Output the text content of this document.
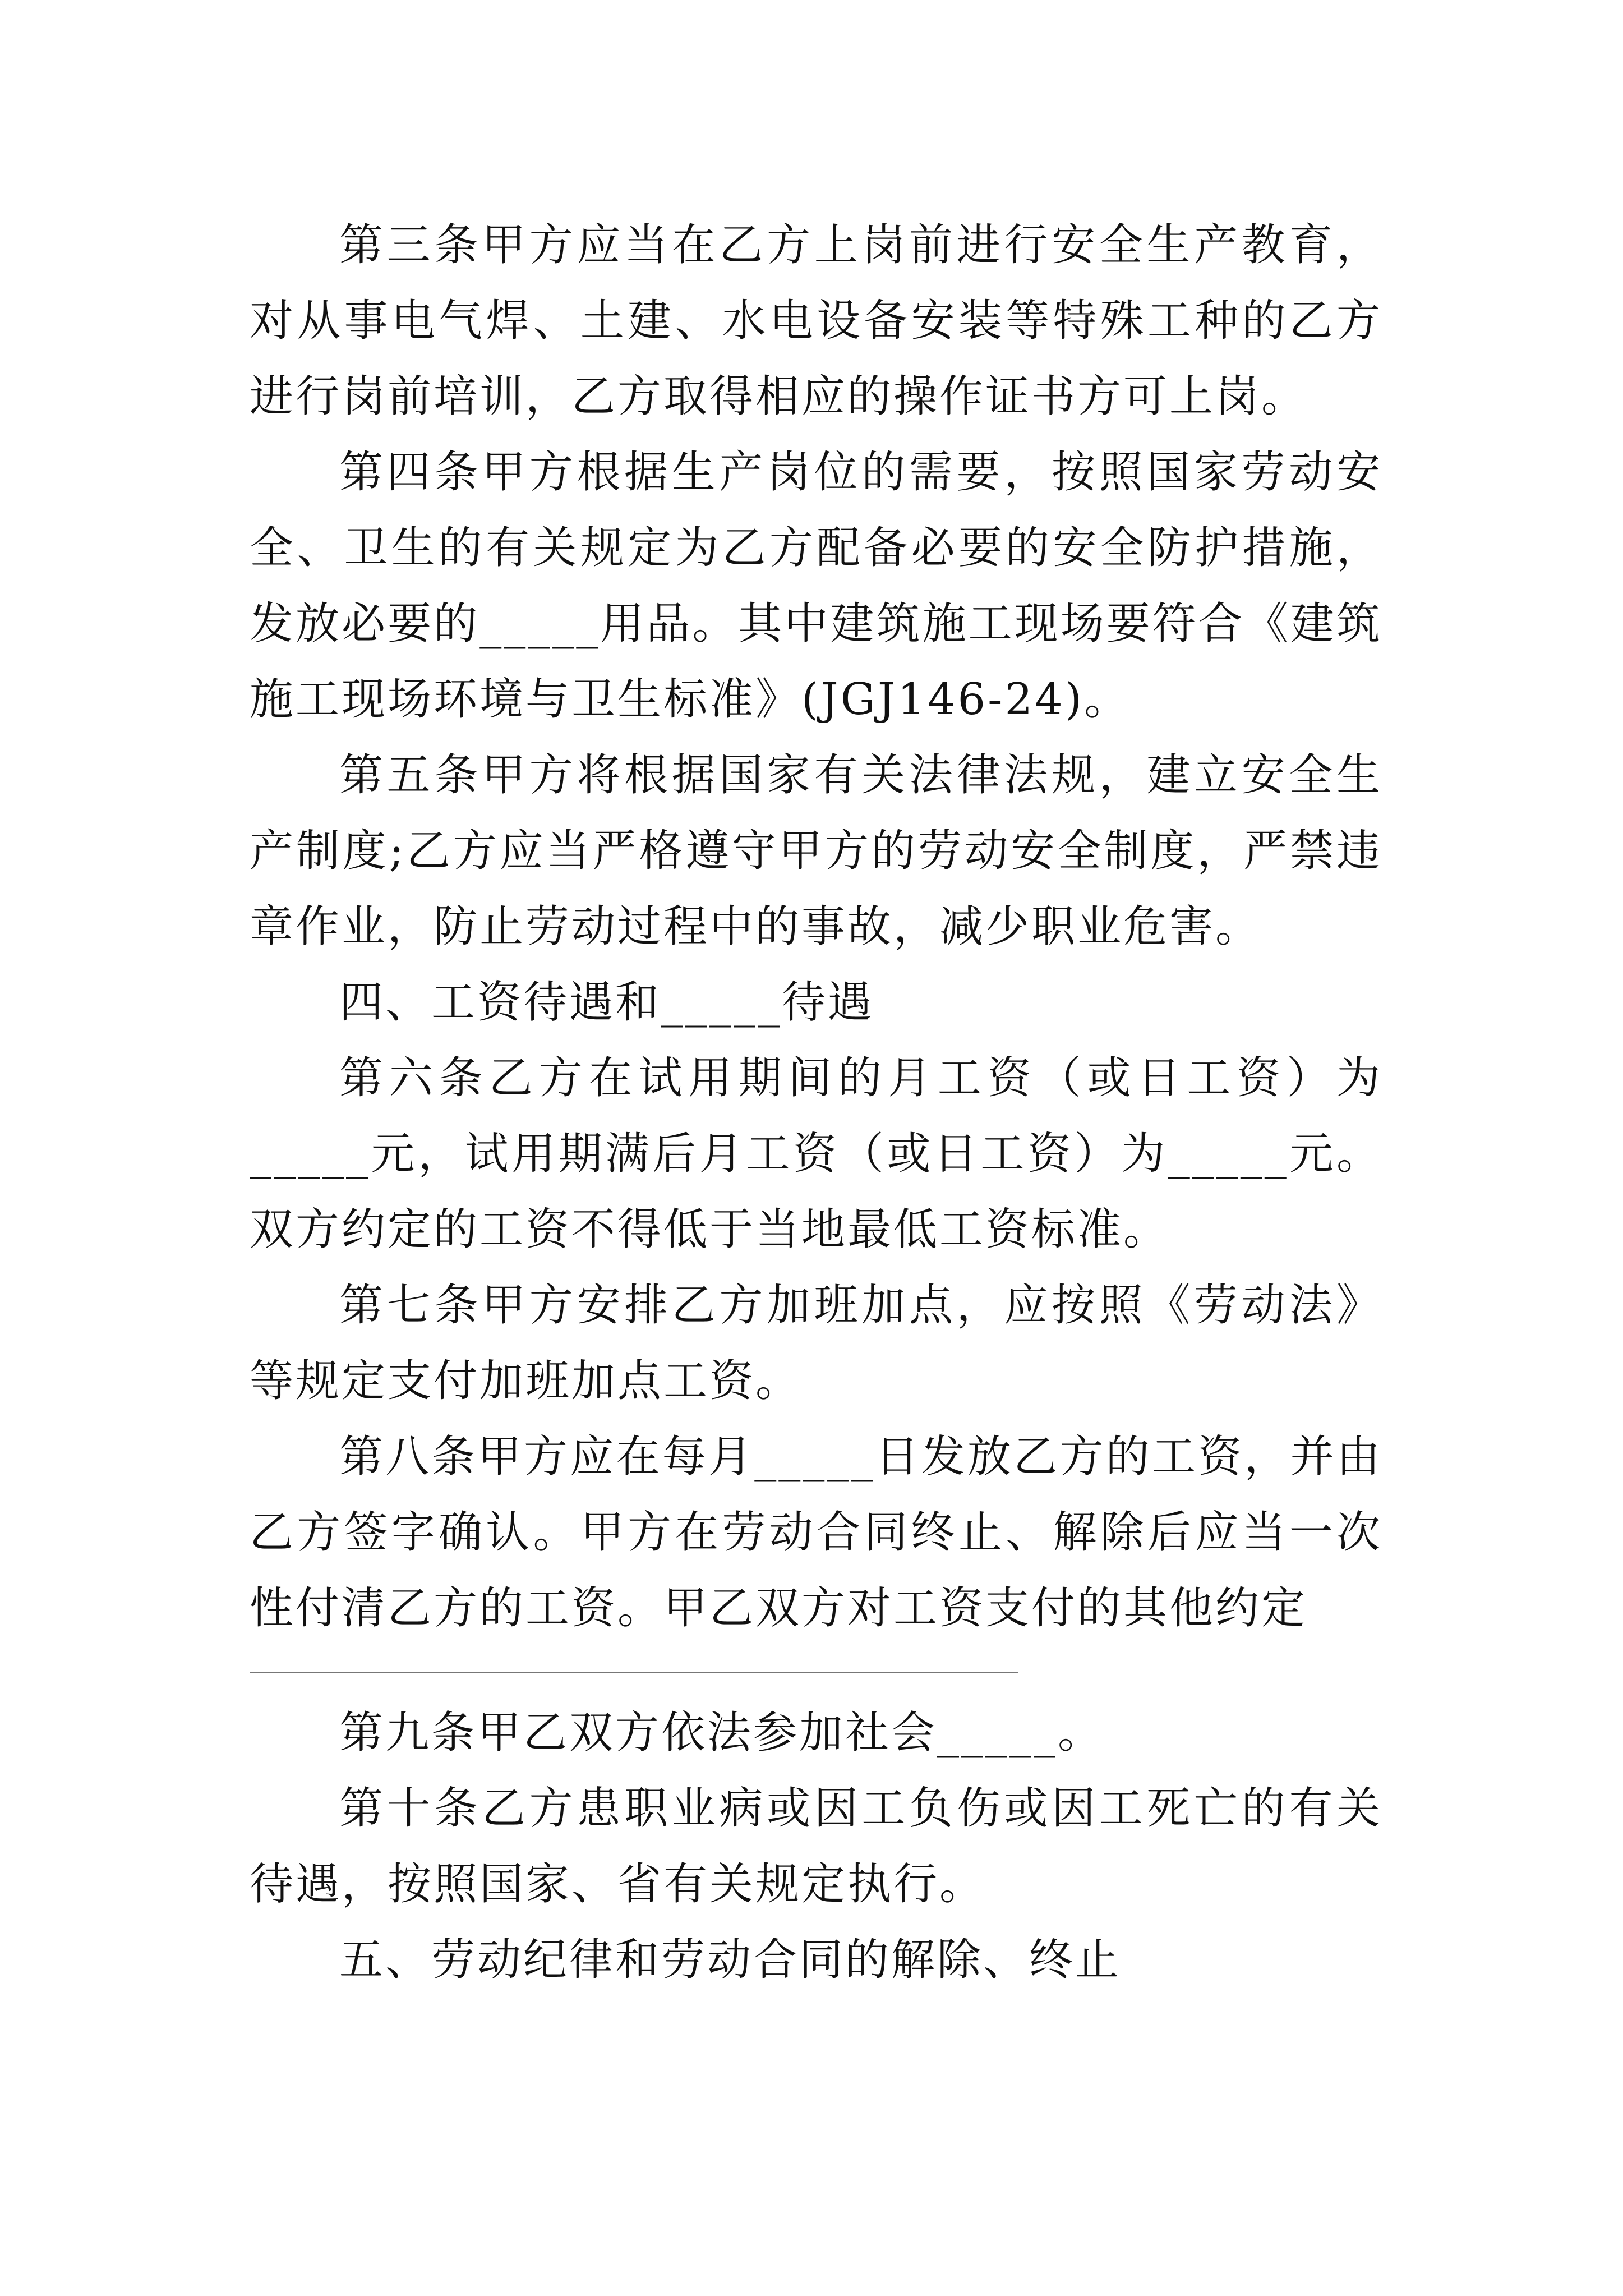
第三条甲方应当在乙方上岗前进行安全生产教育，对从事电气焊、土建、水电设备安装等特殊工种的乙方进行岗前培训，乙方取得相应的操作证书方可上岗。

第四条甲方根据生产岗位的需要，按照国家劳动安全、卫生的有关规定为乙方配备必要的安全防护措施，发放必要的_____用品。其中建筑施工现场要符合《建筑施工现场环境与卫生标准》(JGJ146-24)。

第五条甲方将根据国家有关法律法规，建立安全生产制度;乙方应当严格遵守甲方的劳动安全制度，严禁违章作业，防止劳动过程中的事故，减少职业危害。

四、工资待遇和_____待遇

第六条乙方在试用期间的月工资（或日工资）为_____元，试用期满后月工资（或日工资）为_____元。双方约定的工资不得低于当地最低工资标准。

第七条甲方安排乙方加班加点，应按照《劳动法》等规定支付加班加点工资。

第八条甲方应在每月_____日发放乙方的工资，并由乙方签字确认。甲方在劳动合同终止、解除后应当一次性付清乙方的工资。甲乙双方对工资支付的其他约定

第九条甲乙双方依法参加社会_____。

第十条乙方患职业病或因工负伤或因工死亡的有关待遇，按照国家、省有关规定执行。

五、劳动纪律和劳动合同的解除、终止
